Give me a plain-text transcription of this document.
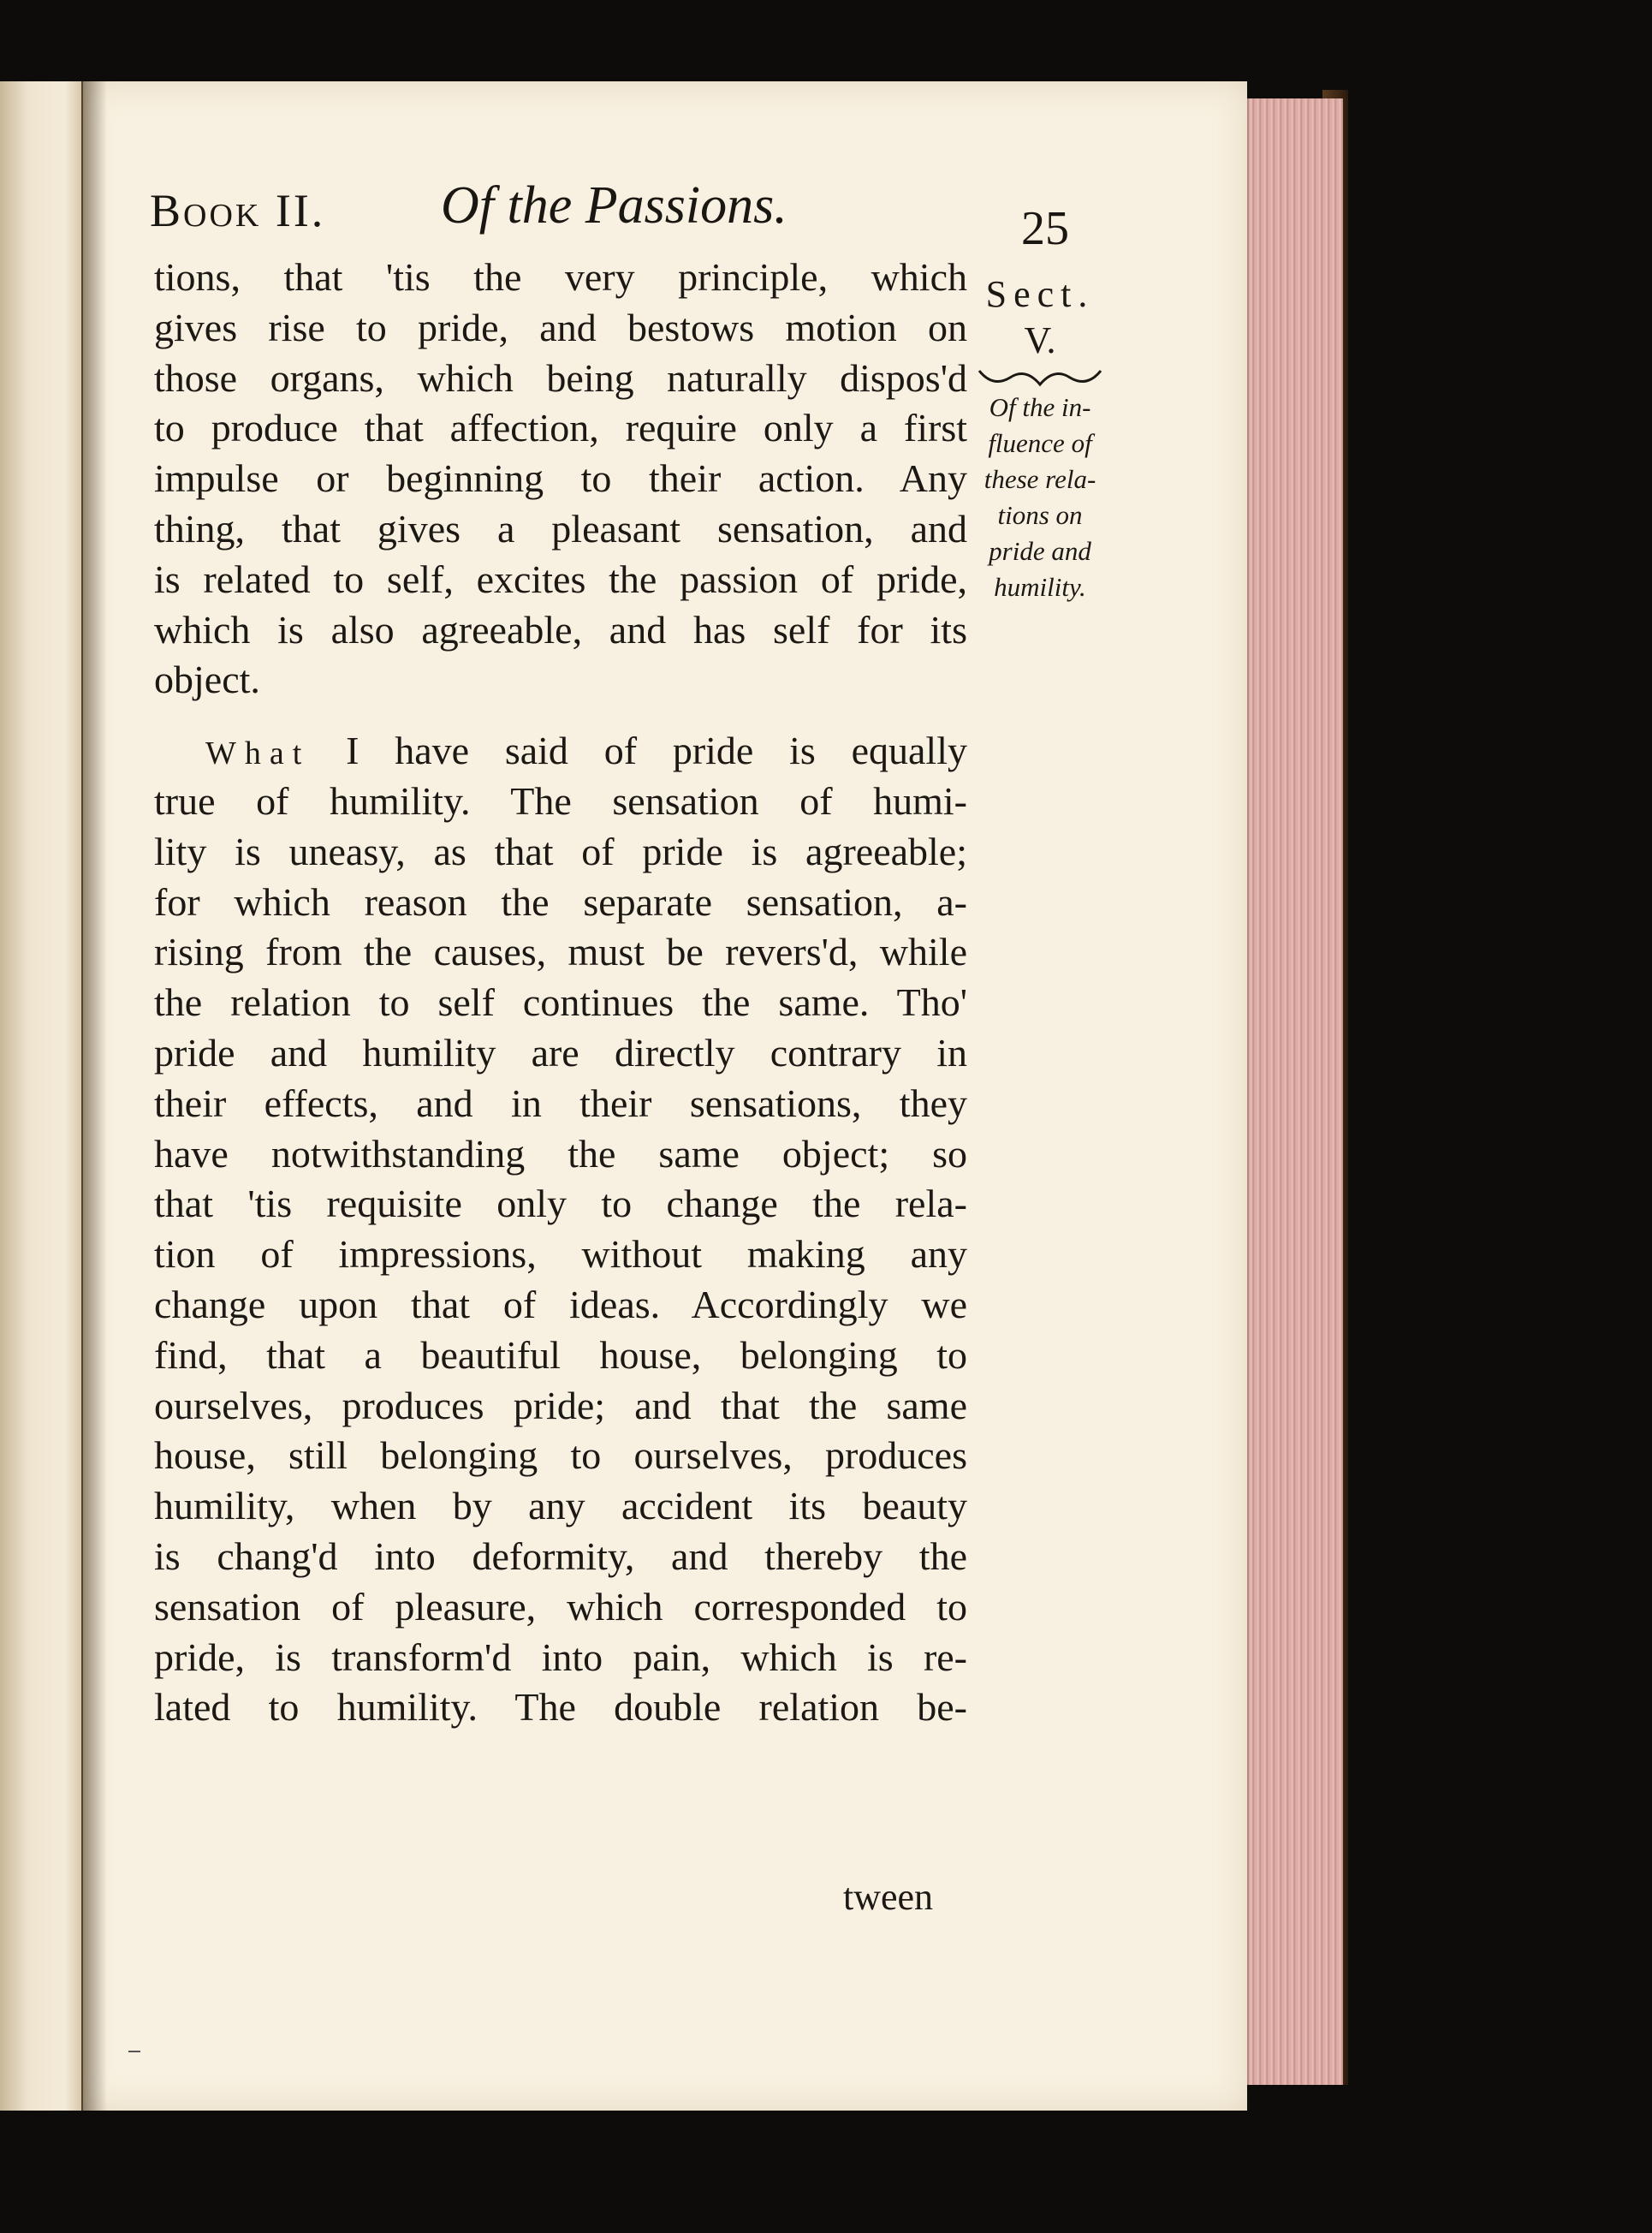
Book II. Of the Passions.	25
Sect.
V.
Of the in-
fluence of
these rela-
tions on
pride and
humility.
tions, that 'tis the very principle, which
gives rise to pride, and bestows motion on
those organs, which being naturally dispos'd
to produce that affection, require only a first
impulse or beginning to their action. Any
thing, that gives a pleasant sensation, and
is related to self, excites the passion of pride,
which is also agreeable, and has self for its
object.
What I have said of pride is equally
true of humility. The sensation of humi-
lity is uneasy, as that of pride is agreeable;
for which reason the separate sensation, a-
rising from the causes, must be revers'd, while
the relation to self continues the same. Tho'
pride and humility are directly contrary in
their effects, and in their sensations, they
have notwithstanding the same object; so
that 'tis requisite only to change the rela-
tion of impressions, without making any
change upon that of ideas. Accordingly we
find, that a beautiful house, belonging to
ourselves, produces pride; and that the same
house, still belonging to ourselves, produces
humility, when by any accident its beauty
is chang'd into deformity, and thereby the
sensation of pleasure, which corresponded to
pride, is transform'd into pain, which is re-
lated to humility. The double relation be-
tween
